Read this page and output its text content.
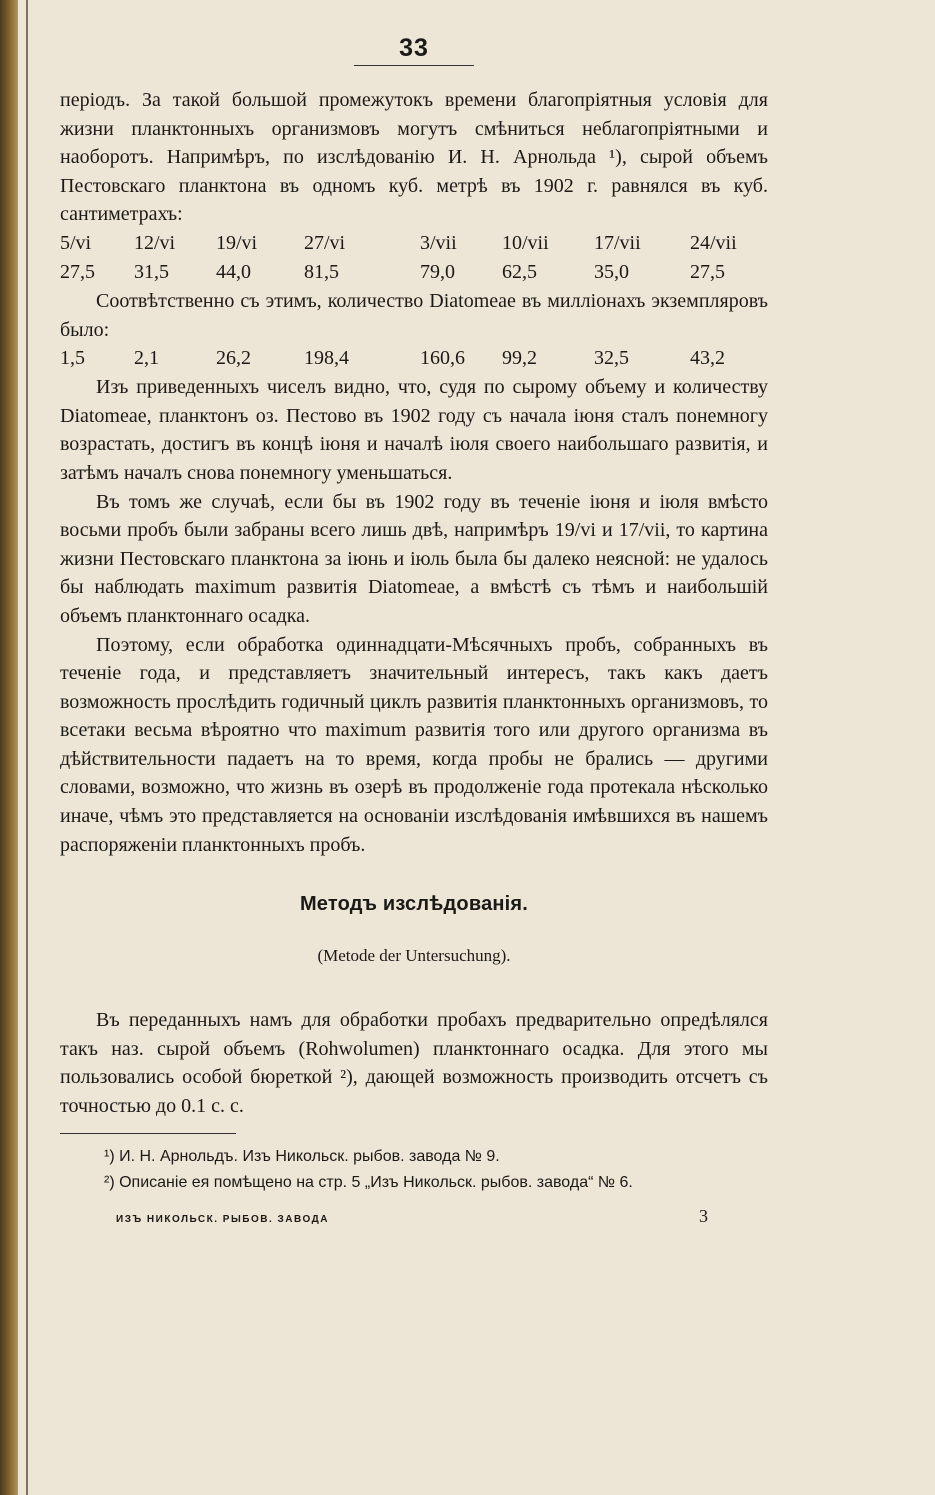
33

періодъ. За такой большой промежутокъ времени благопріятныя условія для жизни планктонныхъ организмовъ могутъ смѣниться неблагопріятными и наоборотъ. Напримѣръ, по изслѣдованію И. Н. Арнольда ¹), сырой объемъ Пестовскаго планктона въ одномъ куб. метрѣ въ 1902 г. равнялся въ куб. сантиметрахъ:

5/vi	12/vi	19/vi	27/vi	3/vii	10/vii	17/vii	24/vii
27,5	31,5	44,0	81,5	79,0	62,5	35,0	27,5

Соотвѣтственно съ этимъ, количество Diatomeae въ милліонахъ экземпляровъ было:

1,5	2,1	26,2	198,4	160,6	99,2	32,5	43,2

Изъ приведенныхъ чиселъ видно, что, судя по сырому объему и количеству Diatomeae, планктонъ оз. Пестово въ 1902 году съ начала іюня сталъ понемногу возрастать, достигъ въ концѣ іюня и началѣ іюля своего наибольшаго развитія, и затѣмъ началъ снова понемногу уменьшаться.

Въ томъ же случаѣ, если бы въ 1902 году въ теченіе іюня и іюля вмѣсто восьми пробъ были забраны всего лишь двѣ, напримѣръ 19/vi и 17/vii, то картина жизни Пестовскаго планктона за іюнь и іюль была бы далеко неясной: не удалось бы наблюдать maximum развитія Diatomeae, а вмѣстѣ съ тѣмъ и наибольшій объемъ планктоннаго осадка.

Поэтому, если обработка одиннадцати-Мѣсячныхъ пробъ, собранныхъ въ теченіе года, и представляетъ значительный интересъ, такъ какъ даетъ возможность прослѣдить годичный циклъ развитія планктонныхъ организмовъ, то всетаки весьма вѣроятно что maximum развитія того или другого организма въ дѣйствительности падаетъ на то время, когда пробы не брались — другими словами, возможно, что жизнь въ озерѣ въ продолженіе года протекала нѣсколько иначе, чѣмъ это представляется на основаніи изслѣдованія имѣвшихся въ нашемъ распоряженіи планктонныхъ пробъ.

Методъ изслѣдованія.
(Metode der Untersuchung).

Въ переданныхъ намъ для обработки пробахъ предварительно опредѣлялся такъ наз. сырой объемъ (Rohwolumen) планктоннаго осадка. Для этого мы пользовались особой бюреткой ²), дающей возможность производить отсчетъ съ точностью до 0.1 c. c.

¹) И. Н. Арнольдъ. Изъ Никольск. рыбов. завода № 9.
²) Описаніе ея помѣщено на стр. 5 „Изъ Никольск. рыбов. завода“ № 6.
ИЗЪ НИКОЛЬСК. РЫБОВ. ЗАВОДА	3
